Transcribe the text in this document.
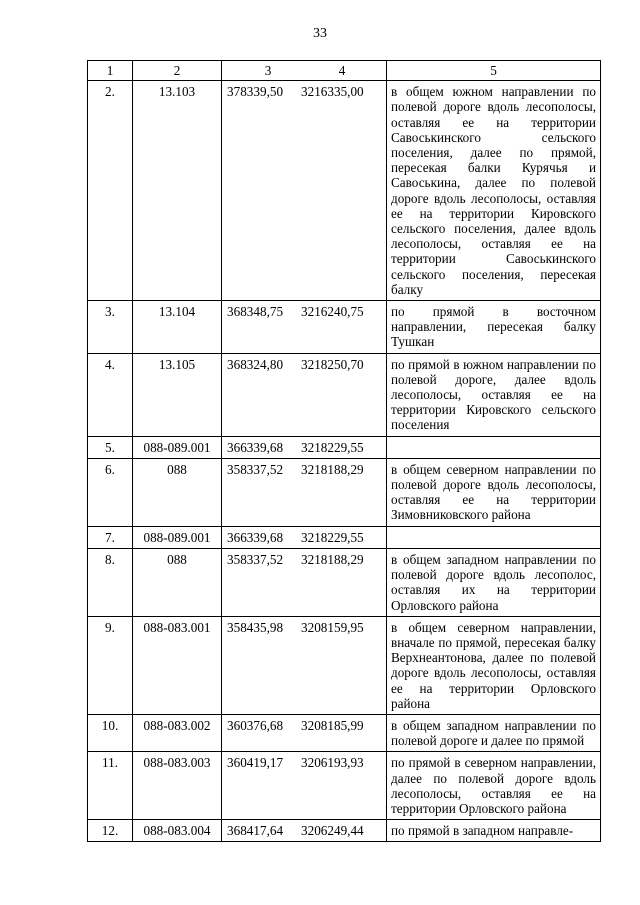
33
1	2	3 4	5
2.	13.103	378339,50 3216335,00	в общем южном направлении по полевой дороге вдоль лесополосы, оставляя ее на территории Савоськинского сельского поселения, далее по прямой, пересекая балки Курячья и Савоськина, далее по полевой дороге вдоль лесополосы, оставляя ее на территории Кировского сельского поселения, далее вдоль лесополосы, оставляя ее на территории Савоськинского сельского поселения, пересекая балку
3.	13.104	368348,75 3216240,75	по прямой в восточном направлении, пересекая балку Тушкан
4.	13.105	368324,80 3218250,70	по прямой в южном направлении по полевой дороге, далее вдоль лесополосы, оставляя ее на территории Кировского сельского поселения
5.	088-089.001	366339,68 3218229,55	
6.	088	358337,52 3218188,29	в общем северном направлении по полевой дороге вдоль лесополосы, оставляя ее на территории Зимовниковского района
7.	088-089.001	366339,68 3218229,55	
8.	088	358337,52 3218188,29	в общем западном направлении по полевой дороге вдоль лесополос, оставляя их на территории Орловского района
9.	088-083.001	358435,98 3208159,95	в общем северном направлении, вначале по прямой, пересекая балку Верхнеантонова, далее по полевой дороге вдоль лесополосы, оставляя ее на территории Орловского района
10.	088-083.002	360376,68 3208185,99	в общем западном направлении по полевой дороге и далее по прямой
11.	088-083.003	360419,17 3206193,93	по прямой в северном направлении, далее по полевой дороге вдоль лесополосы, оставляя ее на территории Орловского района
12.	088-083.004	368417,64 3206249,44	по прямой в западном направле-
